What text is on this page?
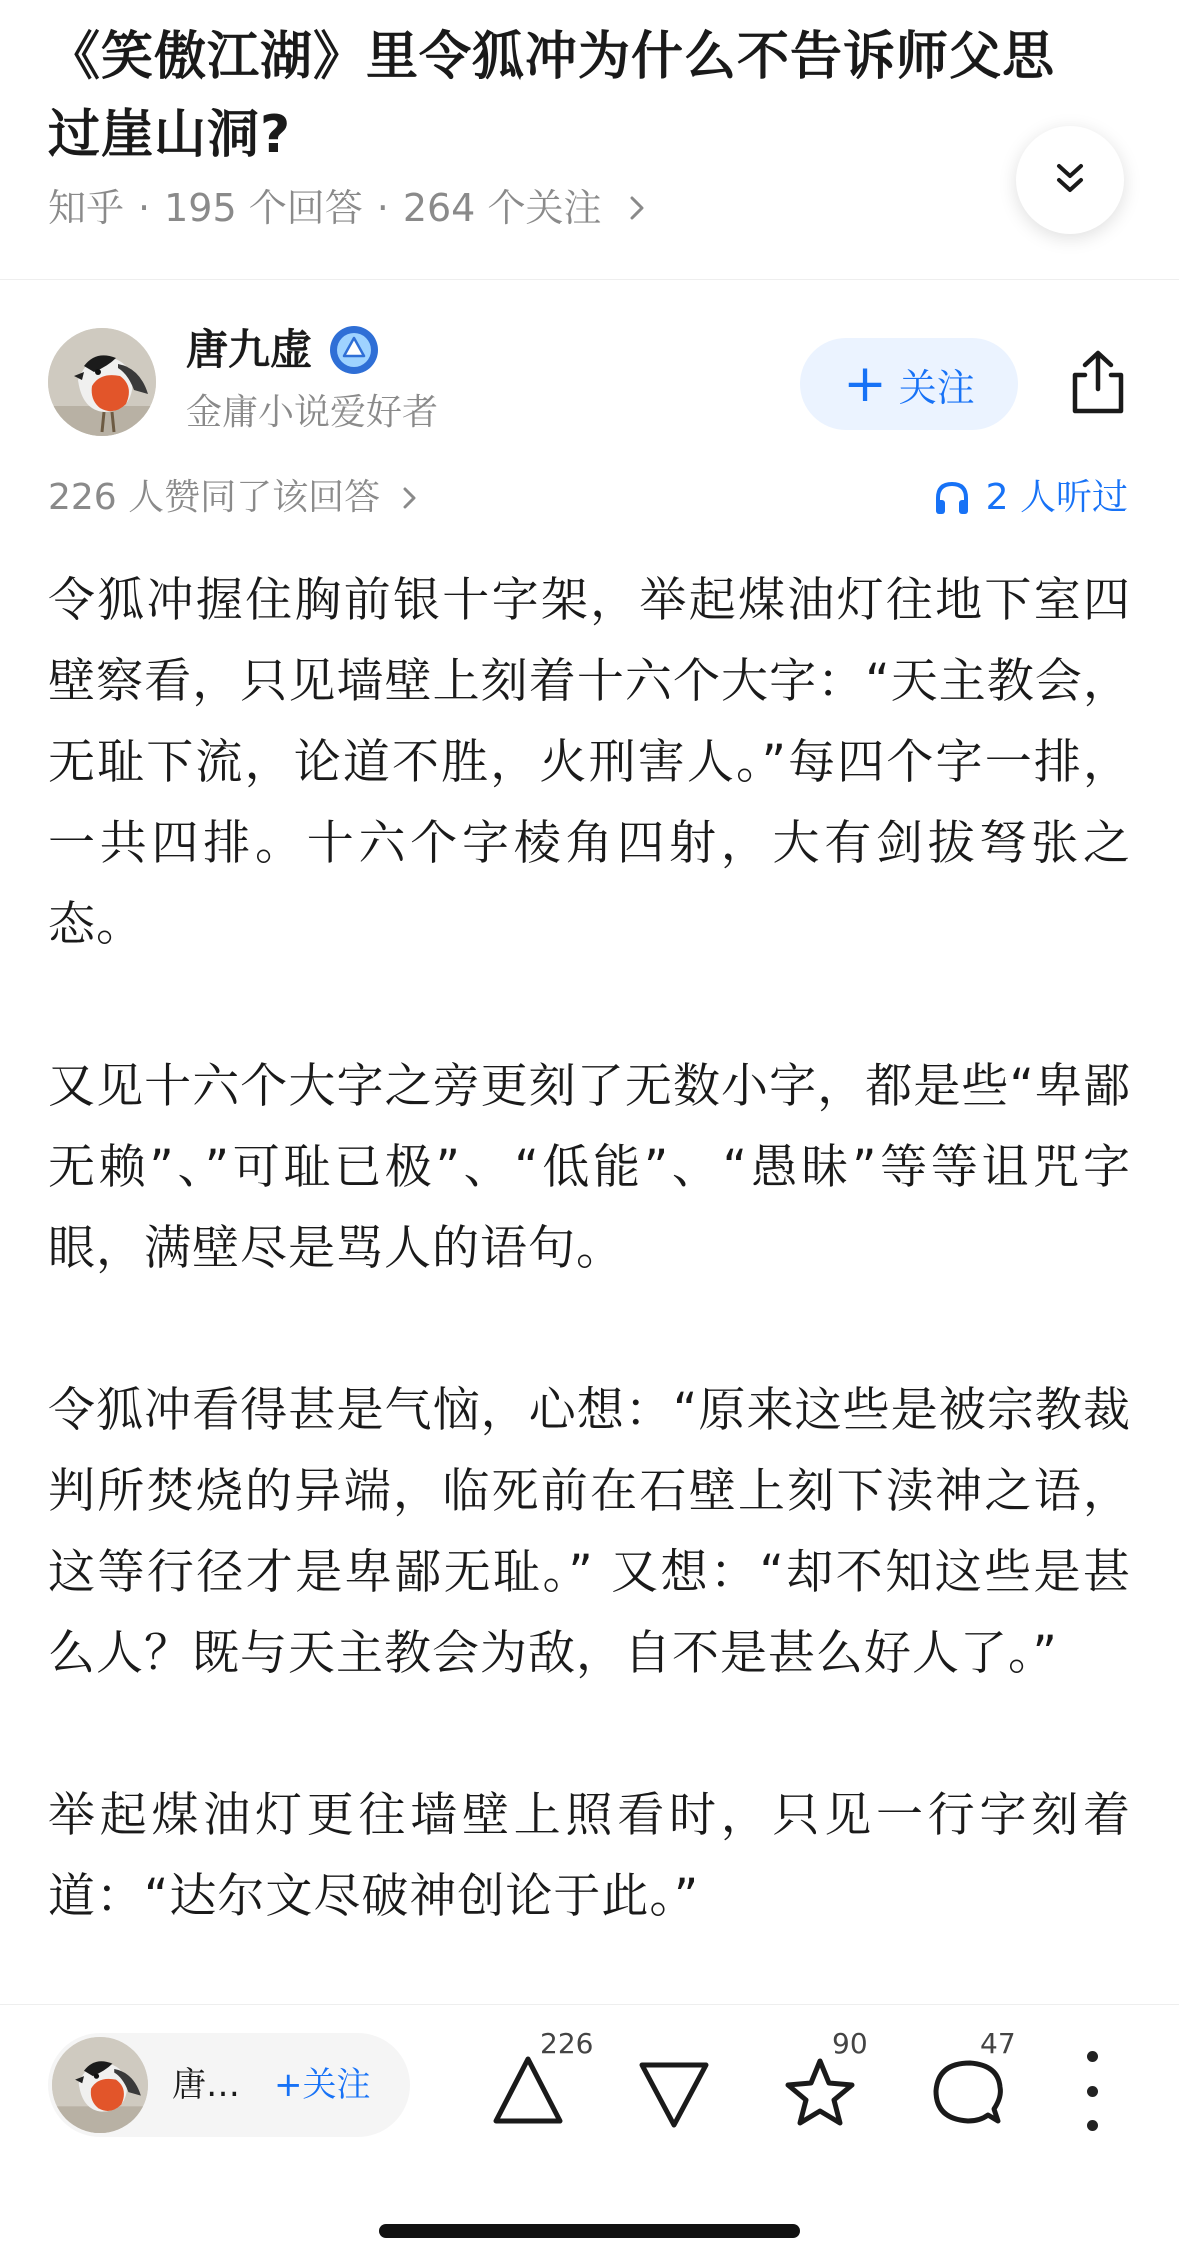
《笑傲江湖》里令狐冲为什么不告诉师父思过崖山洞?
知乎 · 195 个回答 · 264 个关注
唐九虚
金庸小说爱好者	+ 关注
226 人赞同了该回答	2 人听过

令狐冲握住胸前银十字架，举起煤油灯往地下室四壁察看，只见墙壁上刻着十六个大字：“天主教会，无耻下流，论道不胜，火刑害人。”每四个字一排，一共四排。十六个字棱角四射，大有剑拔弩张之态。

又见十六个大字之旁更刻了无数小字，都是些“卑鄙无赖”、”可耻已极”、“低能”、“愚昧”等等诅咒字眼，满壁尽是骂人的语句。

令狐冲看得甚是气恼，心想：“原来这些是被宗教裁判所焚烧的异端，临死前在石壁上刻下渎神之语，这等行径才是卑鄙无耻。” 又想：“却不知这些是甚么人？既与天主教会为敌，自不是甚么好人了。”

举起煤油灯更往墙壁上照看时，只见一行字刻着道：“达尔文尽破神创论于此。”

唐… +关注
226	90	47
